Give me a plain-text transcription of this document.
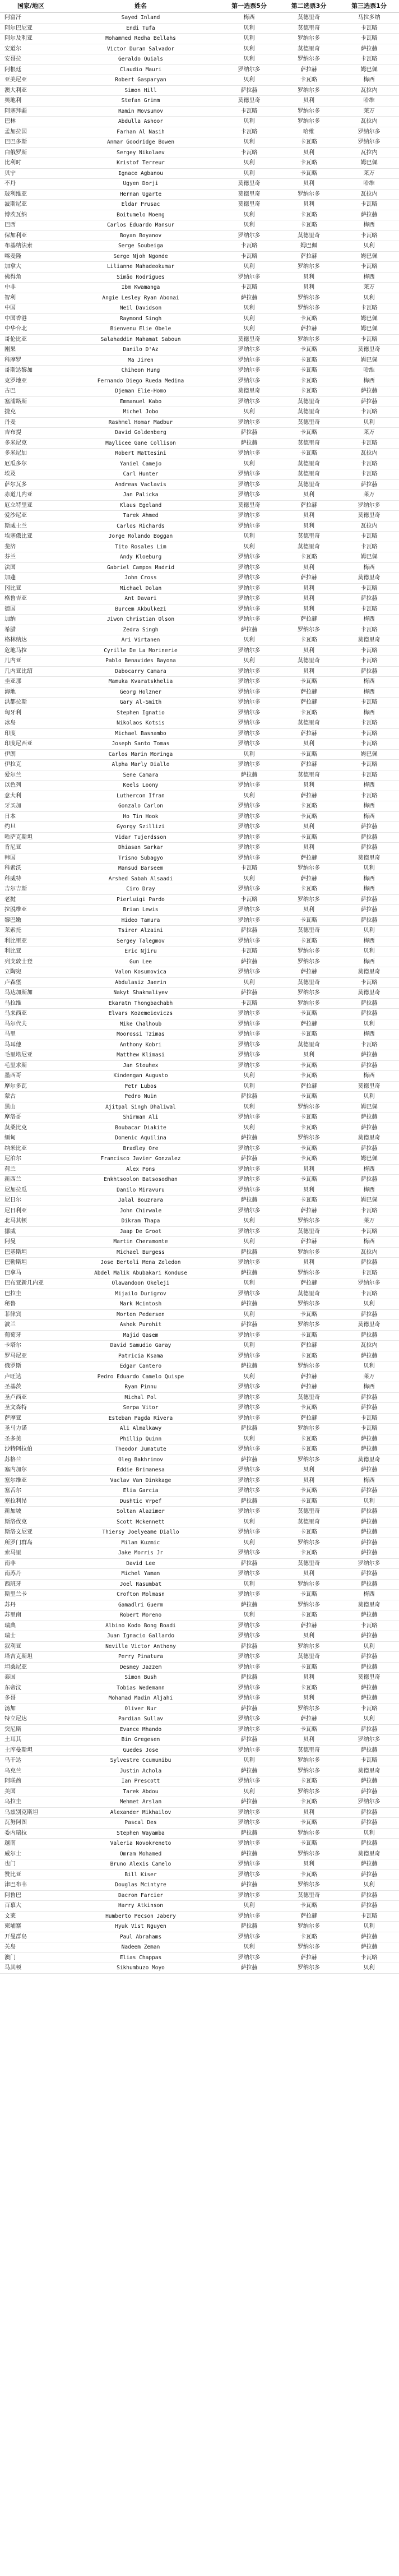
国家/地区	姓名	第一选票5分	第二选票3分	第三选票1分
阿富汗	Sayed Inland	梅西	莫德里奇	马拉多纳
阿尔巴尼亚	Endi Tufa	贝利	莫德里奇	卡瓦略
阿尔及利亚	Mohammed Redha Bellahs	贝利	罗纳尔多	卡瓦略
安道尔	Victor Duran Salvador	贝利	莫德里奇	萨拉赫
安哥拉	Geraldo Quials	贝利	罗纳尔多	卡瓦略
阿根廷	Claudio Mauri	罗纳尔多	萨拉赫	姆巴佩
亚美尼亚	Robert Gasparyan	贝利	卡瓦略	梅西
澳大利亚	Simon Hill	萨拉赫	罗纳尔多	瓦拉内
奥地利	Stefan Grimm	莫德里奇	贝利	哈维
阿塞拜疆	Ramin Movsumov	卡瓦略	罗纳尔多	莱万
巴林	Abdulla Ashoor	贝利	罗纳尔多	瓦拉内
孟加拉国	Farhan Al Nasih	卡瓦略	哈维	罗纳尔多
巴巴多斯	Anmar Goodridge Bowen	贝利	卡瓦略	罗纳尔多
白俄罗斯	Sergey Nikolaev	卡瓦略	贝利	瓦拉内
比利时	Kristof Terreur	贝利	卡瓦略	姆巴佩
贝宁	Ignace Agbanou	贝利	卡瓦略	莱万
不丹	Ugyen Dorji	莫德里奇	贝利	哈维
玻利维亚	Hernan Ugarte	莫德里奇	罗纳尔多	瓦拉内
波斯尼亚	Eldar Prusac	莫德里奇	贝利	卡瓦略
博茨瓦纳	Boitumelo Moeng	贝利	卡瓦略	萨拉赫
巴西	Carlos Eduardo Mansur	贝利	卡瓦略	梅西
保加利亚	Boyan Boyanov	罗纳尔多	莫德里奇	卡瓦略
布基纳法索	Serge Soubeiga	卡瓦略	姆巴佩	贝利
喀麦隆	Serge Njoh Ngonde	卡瓦略	萨拉赫	姆巴佩
加拿大	Lilianne Mahadeokumar	贝利	罗纳尔多	卡瓦略
佛得角	Simão Rodrigues	罗纳尔多	贝利	梅西
中非	Ibm Kwamanga	卡瓦略	贝利	莱万
智利	Angie Lesley Ryan Abonai	萨拉赫	罗纳尔多	贝利
中国	Neil Davidson	贝利	罗纳尔多	卡瓦略
中国香港	Raymond Singh	贝利	卡瓦略	姆巴佩
中华台北	Bienvenu Elie Obele	贝利	萨拉赫	姆巴佩
哥伦比亚	Salahaddin Mahamat Saboun	莫德里奇	罗纳尔多	卡瓦略
刚果	Danilo D'Az	罗纳尔多	卡瓦略	莫德里奇
科摩罗	Ma Jiren	罗纳尔多	卡瓦略	姆巴佩
哥斯达黎加	Chiheon Hung	罗纳尔多	卡瓦略	哈维
克罗地亚	Fernando Diego Rueda Medina	罗纳尔多	卡瓦略	梅西
古巴	Djeman Elie-Homo	莫德里奇	卡瓦略	萨拉赫
塞浦路斯	Emmanuel Kabo	罗纳尔多	莫德里奇	萨拉赫
捷克	Michel Jobo	贝利	莫德里奇	卡瓦略
丹麦	Rashmel Homar Madbur	罗纳尔多	莫德里奇	贝利
吉布提	David Goldenberg	萨拉赫	卡瓦略	莱万
多米尼克	Maylicee Gane Collison	萨拉赫	莫德里奇	卡瓦略
多米尼加	Robert Mattesini	罗纳尔多	卡瓦略	瓦拉内
厄瓜多尔	Yaniel Camejo	贝利	莫德里奇	卡瓦略
埃及	Carl Hunter	罗纳尔多	莫德里奇	卡瓦略
萨尔瓦多	Andreas Vaclavis	罗纳尔多	莫德里奇	萨拉赫
赤道几内亚	Jan Palicka	罗纳尔多	贝利	莱万
厄立特里亚	Klaus Egeland	莫德里奇	萨拉赫	罗纳尔多
爱沙尼亚	Tarek Ahmed	罗纳尔多	贝利	莫德里奇
斯威士兰	Carlos Richards	罗纳尔多	贝利	瓦拉内
埃塞俄比亚	Jorge Rolando Boggan	贝利	莫德里奇	卡瓦略
斐济	Tito Rosales Lim	贝利	莫德里奇	卡瓦略
芬兰	Andy Kloeburg	罗纳尔多	卡瓦略	姆巴佩
法国	Gabriel Campos Madrid	罗纳尔多	贝利	梅西
加蓬	John Cross	罗纳尔多	萨拉赫	莫德里奇
冈比亚	Michael Dolan	罗纳尔多	贝利	卡瓦略
格鲁吉亚	Ant Davari	罗纳尔多	贝利	萨拉赫
德国	Burcem Akbulkezi	罗纳尔多	贝利	卡瓦略
加纳	Jiwon Christian Olson	罗纳尔多	萨拉赫	梅西
希腊	Zedra Singh	萨拉赫	罗纳尔多	卡瓦略
格林纳达	Ari Virtanen	贝利	卡瓦略	莫德里奇
危地马拉	Cyrille De La Morinerie	罗纳尔多	贝利	卡瓦略
几内亚	Pablo Benavides Bayona	贝利	莫德里奇	卡瓦略
几内亚比绍	Dabocarry Camara	罗纳尔多	贝利	萨拉赫
圭亚那	Mamuka Kvaratskhelia	罗纳尔多	卡瓦略	梅西
海地	Georg Holzner	罗纳尔多	萨拉赫	梅西
洪都拉斯	Gary Al-Smith	罗纳尔多	萨拉赫	卡瓦略
匈牙利	Stephen Ignatio	罗纳尔多	卡瓦略	梅西
冰岛	Nikolaos Kotsis	罗纳尔多	莫德里奇	卡瓦略
印度	Michael Basnambo	罗纳尔多	萨拉赫	卡瓦略
印度尼西亚	Joseph Santo Tomas	罗纳尔多	贝利	卡瓦略
伊朗	Carlos Marin Moringa	贝利	卡瓦略	姆巴佩
伊拉克	Alpha Marly Diallo	罗纳尔多	萨拉赫	卡瓦略
爱尔兰	Sene Camara	萨拉赫	莫德里奇	卡瓦略
以色列	Keels Loony	罗纳尔多	贝利	梅西
意大利	Luthercon Ifran	贝利	萨拉赫	卡瓦略
牙买加	Gonzalo Carlon	罗纳尔多	卡瓦略	梅西
日本	Ho Tin Hook	罗纳尔多	卡瓦略	梅西
约旦	Gyorgy Szillizi	罗纳尔多	贝利	萨拉赫
哈萨克斯坦	Vidar Tujerdsson	罗纳尔多	卡瓦略	萨拉赫
肯尼亚	Dhiasan Sarkar	罗纳尔多	贝利	萨拉赫
韩国	Trisno Subagyo	罗纳尔多	萨拉赫	莫德里奇
科索沃	Mansud Barseem	卡瓦略	罗纳尔多	贝利
科威特	Arshed Sabah Alsaadi	贝利	萨拉赫	梅西
吉尔吉斯	Ciro Dray	罗纳尔多	卡瓦略	梅西
老挝	Pierluigi Pardo	卡瓦略	罗纳尔多	萨拉赫
拉脱维亚	Brian Lewis	罗纳尔多	贝利	萨拉赫
黎巴嫩	Hideo Tamura	罗纳尔多	卡瓦略	萨拉赫
莱索托	Tsirer Alzaini	萨拉赫	莫德里奇	贝利
利比里亚	Sergey Talegmov	罗纳尔多	卡瓦略	梅西
利比亚	Eric Njiru	卡瓦略	罗纳尔多	贝利
列支敦士登	Gun Lee	萨拉赫	罗纳尔多	梅西
立陶宛	Valon Kosumovica	罗纳尔多	萨拉赫	莫德里奇
卢森堡	Abdulasiz Jaerin	贝利	莫德里奇	卡瓦略
马达加斯加	Nakyt Shakmaliyev	萨拉赫	罗纳尔多	莫德里奇
马拉维	Ekaratn Thongbachabh	卡瓦略	罗纳尔多	萨拉赫
马来西亚	Elvars Kozemeieviczs	罗纳尔多	卡瓦略	萨拉赫
马尔代夫	Mike Chalhoub	罗纳尔多	萨拉赫	贝利
马里	Moorossi Tzimas	罗纳尔多	卡瓦略	梅西
马耳他	Anthony Kobri	罗纳尔多	莫德里奇	卡瓦略
毛里塔尼亚	Matthew Klimasi	罗纳尔多	贝利	萨拉赫
毛里求斯	Jan Stouhex	罗纳尔多	卡瓦略	萨拉赫
墨西哥	Kindengan Augusto	贝利	卡瓦略	梅西
摩尔多瓦	Petr Lubos	贝利	萨拉赫	莫德里奇
蒙古	Pedro Nuin	萨拉赫	卡瓦略	贝利
黑山	Ajitpal Singh Dhaliwal	贝利	罗纳尔多	姆巴佩
摩洛哥	Shirman Ali	罗纳尔多	卡瓦略	萨拉赫
莫桑比克	Boubacar Diakite	贝利	卡瓦略	萨拉赫
缅甸	Domenic Aquilina	萨拉赫	罗纳尔多	莫德里奇
纳米比亚	Bradley Ore	罗纳尔多	卡瓦略	萨拉赫
尼泊尔	Francisco Javier Gonzalez	萨拉赫	卡瓦略	姆巴佩
荷兰	Alex Pons	罗纳尔多	贝利	梅西
新西兰	Enkhtsoolon Batsosodhan	罗纳尔多	卡瓦略	萨拉赫
尼加拉瓜	Danilo Miravuru	罗纳尔多	贝利	梅西
尼日尔	Jalal Bouzrara	萨拉赫	卡瓦略	姆巴佩
尼日利亚	John Chirwale	罗纳尔多	萨拉赫	卡瓦略
北马其顿	Dikram Thapa	贝利	罗纳尔多	莱万
挪威	Jaap De Groot	罗纳尔多	莫德里奇	卡瓦略
阿曼	Martin Cheramonte	贝利	萨拉赫	梅西
巴基斯坦	Michael Burgess	萨拉赫	罗纳尔多	瓦拉内
巴勒斯坦	Jose Bertoli Mena Zeledon	罗纳尔多	贝利	萨拉赫
巴拿马	Abdel Malik Abubakari Konduse	萨拉赫	罗纳尔多	卡瓦略
巴布亚新几内亚	Olawandoon Okeleji	贝利	萨拉赫	罗纳尔多
巴拉圭	Mijailo Durigrov	罗纳尔多	莫德里奇	卡瓦略
秘鲁	Mark Mcintosh	萨拉赫	罗纳尔多	贝利
菲律宾	Morton Pedersen	贝利	卡瓦略	萨拉赫
波兰	Ashok Purohit	萨拉赫	罗纳尔多	莫德里奇
葡萄牙	Majid Qasem	罗纳尔多	卡瓦略	萨拉赫
卡塔尔	David Samudio Garay	贝利	萨拉赫	瓦拉内
罗马尼亚	Patricia Ksama	罗纳尔多	卡瓦略	萨拉赫
俄罗斯	Edgar Cantero	萨拉赫	罗纳尔多	贝利
卢旺达	Pedro Eduardo Camelo Quispe	贝利	萨拉赫	莱万
圣基茨	Ryan Pinnu	罗纳尔多	萨拉赫	梅西
圣卢西亚	Michal Pol	罗纳尔多	莫德里奇	萨拉赫
圣文森特	Serpa Vitor	罗纳尔多	卡瓦略	萨拉赫
萨摩亚	Esteban Pagda Rivera	罗纳尔多	萨拉赫	卡瓦略
圣马力诺	Ali Almalkawy	萨拉赫	罗纳尔多	卡瓦略
圣多美	Phillip Quinn	贝利	卡瓦略	萨拉赫
沙特阿拉伯	Theodor Jumatute	罗纳尔多	卡瓦略	萨拉赫
苏格兰	Oleg Bakhrimov	萨拉赫	罗纳尔多	莫德里奇
塞内加尔	Eddie Brimanesa	罗纳尔多	贝利	萨拉赫
塞尔维亚	Vaclav Van Dinkkage	罗纳尔多	贝利	梅西
塞舌尔	Elia Garcia	罗纳尔多	卡瓦略	萨拉赫
塞拉利昂	Dushtic Vrpef	萨拉赫	卡瓦略	贝利
新加坡	Soltan Alazimer	罗纳尔多	莫德里奇	萨拉赫
斯洛伐克	Scott Mckennett	贝利	莫德里奇	萨拉赫
斯洛文尼亚	Thiersy Joelyeame Diallo	罗纳尔多	卡瓦略	萨拉赫
所罗门群岛	Milan Kuzmic	贝利	罗纳尔多	萨拉赫
索马里	Jake Morris Jr	罗纳尔多	卡瓦略	萨拉赫
南非	David Lee	萨拉赫	莫德里奇	罗纳尔多
南苏丹	Michel Yaman	罗纳尔多	贝利	萨拉赫
西班牙	Joel Rasumbat	贝利	罗纳尔多	萨拉赫
斯里兰卡	Crofton Molmasn	罗纳尔多	卡瓦略	梅西
苏丹	Gamadlri Guerm	萨拉赫	罗纳尔多	莫德里奇
苏里南	Robert Moreno	贝利	卡瓦略	萨拉赫
瑞典	Albino Kodo Bong Boadi	罗纳尔多	萨拉赫	卡瓦略
瑞士	Juan Ignacio Gallardo	罗纳尔多	贝利	萨拉赫
叙利亚	Neville Victor Anthony	萨拉赫	罗纳尔多	贝利
塔吉克斯坦	Perry Pinatura	罗纳尔多	莫德里奇	萨拉赫
坦桑尼亚	Desmey Jazzem	罗纳尔多	卡瓦略	萨拉赫
泰国	Simon Bush	萨拉赫	贝利	莫德里奇
东帝汶	Tobias Wedemann	罗纳尔多	卡瓦略	萨拉赫
多哥	Mohamad Madin Aljahi	罗纳尔多	贝利	萨拉赫
汤加	Oliver Nur	萨拉赫	罗纳尔多	卡瓦略
特立尼达	Pardian Sullav	罗纳尔多	萨拉赫	贝利
突尼斯	Evance Mhando	罗纳尔多	卡瓦略	萨拉赫
土耳其	Bin Gregesen	萨拉赫	贝利	罗纳尔多
土库曼斯坦	Guedes Jose	罗纳尔多	莫德里奇	萨拉赫
乌干达	Sylvestre Ccumunibu	贝利	罗纳尔多	卡瓦略
乌克兰	Justin Achola	萨拉赫	罗纳尔多	莫德里奇
阿联酋	Ian Prescott	罗纳尔多	卡瓦略	萨拉赫
美国	Tarek Abdou	贝利	罗纳尔多	萨拉赫
乌拉圭	Mehmet Arslan	萨拉赫	卡瓦略	罗纳尔多
乌兹别克斯坦	Alexander Mikhailov	罗纳尔多	贝利	萨拉赫
瓦努阿图	Pascal Des	罗纳尔多	卡瓦略	萨拉赫
委内瑞拉	Stephen Wayamba	萨拉赫	罗纳尔多	贝利
越南	Valeria Novokreneto	罗纳尔多	卡瓦略	萨拉赫
威尔士	Omram Mohamed	萨拉赫	罗纳尔多	莫德里奇
也门	Bruno Alexis Camelo	罗纳尔多	贝利	萨拉赫
赞比亚	Bill Kiser	罗纳尔多	卡瓦略	萨拉赫
津巴布韦	Douglas Mcintyre	萨拉赫	罗纳尔多	贝利
阿鲁巴	Dacron Farcier	罗纳尔多	莫德里奇	萨拉赫
百慕大	Harry Atkinson	贝利	卡瓦略	萨拉赫
文莱	Humberto Pecson Jabery	罗纳尔多	萨拉赫	卡瓦略
柬埔寨	Hyuk Vist Nguyen	萨拉赫	罗纳尔多	贝利
开曼群岛	Paul Abrahams	罗纳尔多	卡瓦略	萨拉赫
关岛	Nadeem Zeman	贝利	罗纳尔多	萨拉赫
澳门	Elias Chappas	罗纳尔多	萨拉赫	卡瓦略
马其顿	Sikhumbuzo Moyo	萨拉赫	罗纳尔多	贝利
